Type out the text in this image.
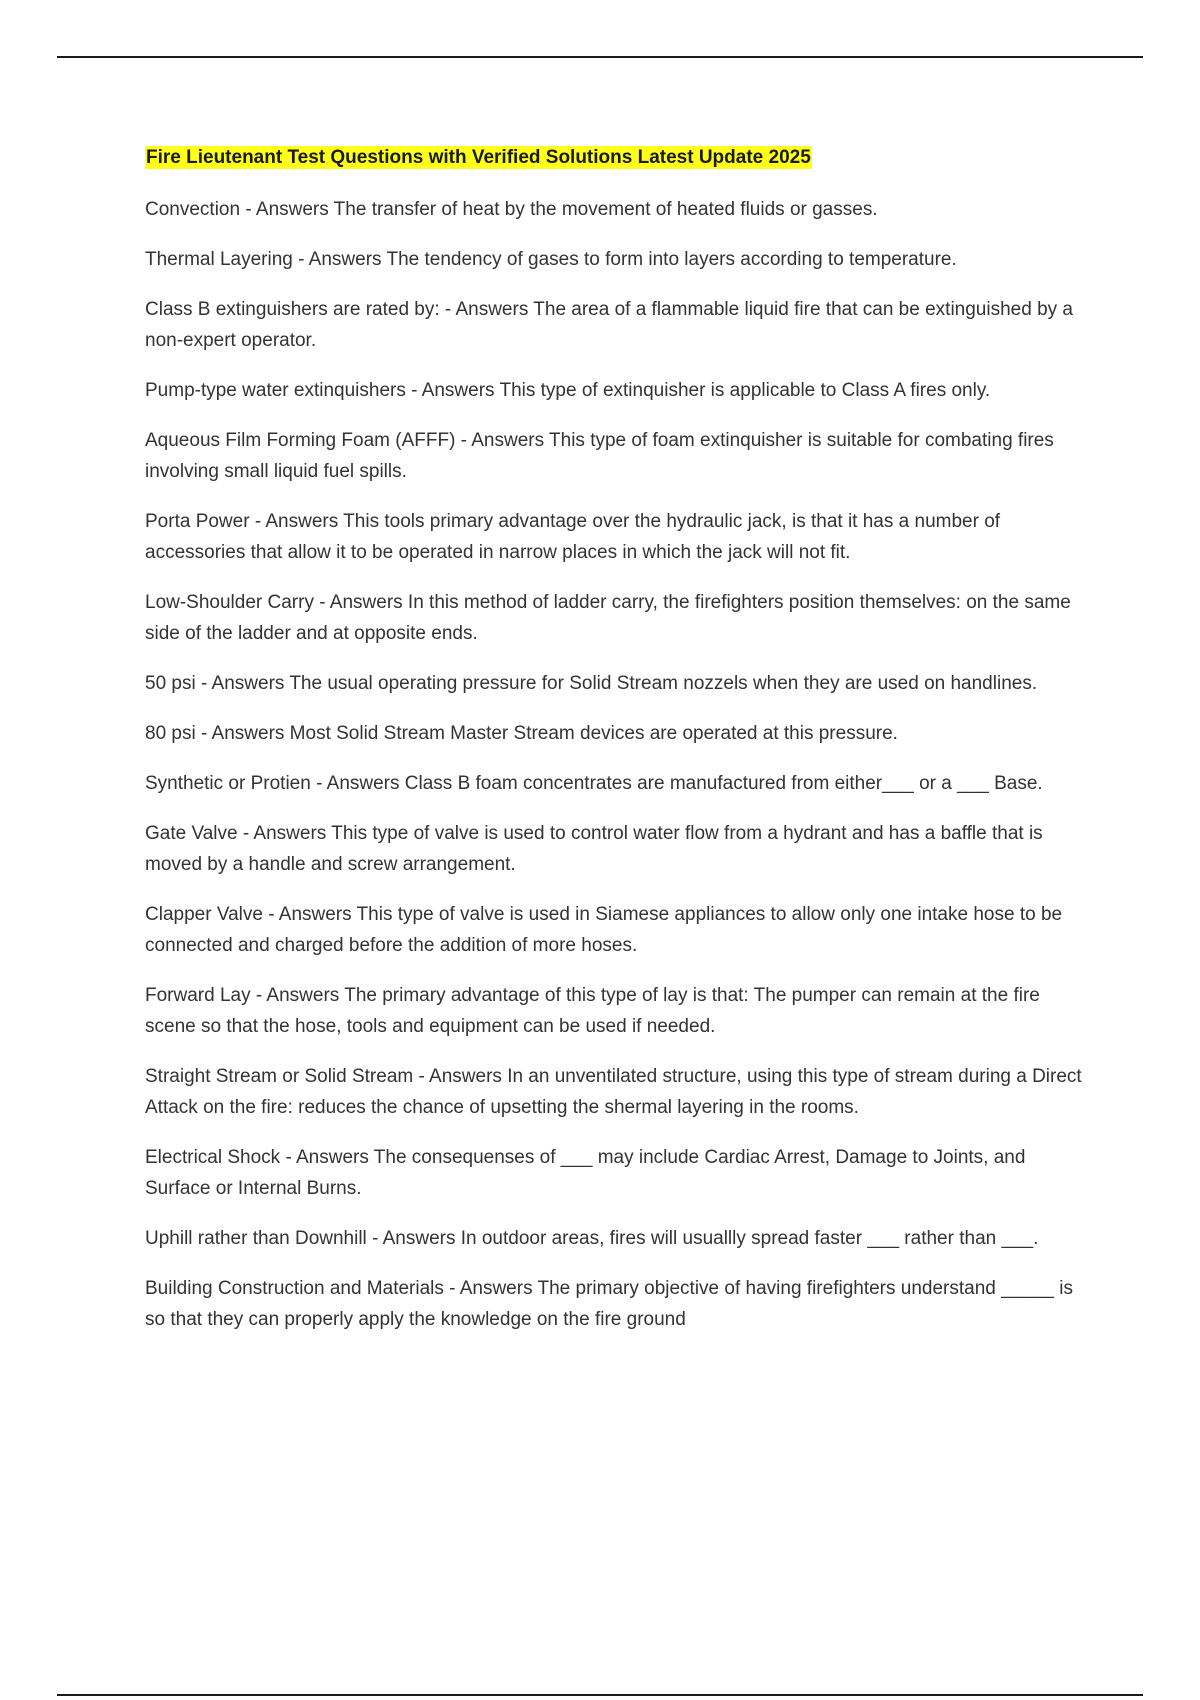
Fire Lieutenant Test Questions with Verified Solutions Latest Update 2025

Convection - Answers The transfer of heat by the movement of heated fluids or gasses.

Thermal Layering - Answers The tendency of gases to form into layers according to temperature.

Class B extinguishers are rated by: - Answers The area of a flammable liquid fire that can be extinguished by a non-expert operator.

Pump-type water extinquishers - Answers This type of extinquisher is applicable to Class A fires only.

Aqueous Film Forming Foam (AFFF) - Answers This type of foam extinquisher is suitable for combating fires involving small liquid fuel spills.

Porta Power - Answers This tools primary advantage over the hydraulic jack, is that it has a number of accessories that allow it to be operated in narrow places in which the jack will not fit.

Low-Shoulder Carry - Answers In this method of ladder carry, the firefighters position themselves: on the same side of the ladder and at opposite ends.

50 psi - Answers The usual operating pressure for Solid Stream nozzels when they are used on handlines.

80 psi - Answers Most Solid Stream Master Stream devices are operated at this pressure.

Synthetic or Protien - Answers Class B foam concentrates are manufactured from either___ or a ___ Base.

Gate Valve - Answers This type of valve is used to control water flow from a hydrant and has a baffle that is moved by a handle and screw arrangement.

Clapper Valve - Answers This type of valve is used in Siamese appliances to allow only one intake hose to be connected and charged before the addition of more hoses.

Forward Lay - Answers The primary advantage of this type of lay is that: The pumper can remain at the fire scene so that the hose, tools and equipment can be used if needed.

Straight Stream or Solid Stream - Answers In an unventilated structure, using this type of stream during a Direct Attack on the fire: reduces the chance of upsetting the shermal layering in the rooms.

Electrical Shock - Answers The consequenses of ___ may include Cardiac Arrest, Damage to Joints, and Surface or Internal Burns.

Uphill rather than Downhill - Answers In outdoor areas, fires will usuallly spread faster ___ rather than ___.

Building Construction and Materials - Answers The primary objective of having firefighters understand _____ is so that they can properly apply the knowledge on the fire ground
